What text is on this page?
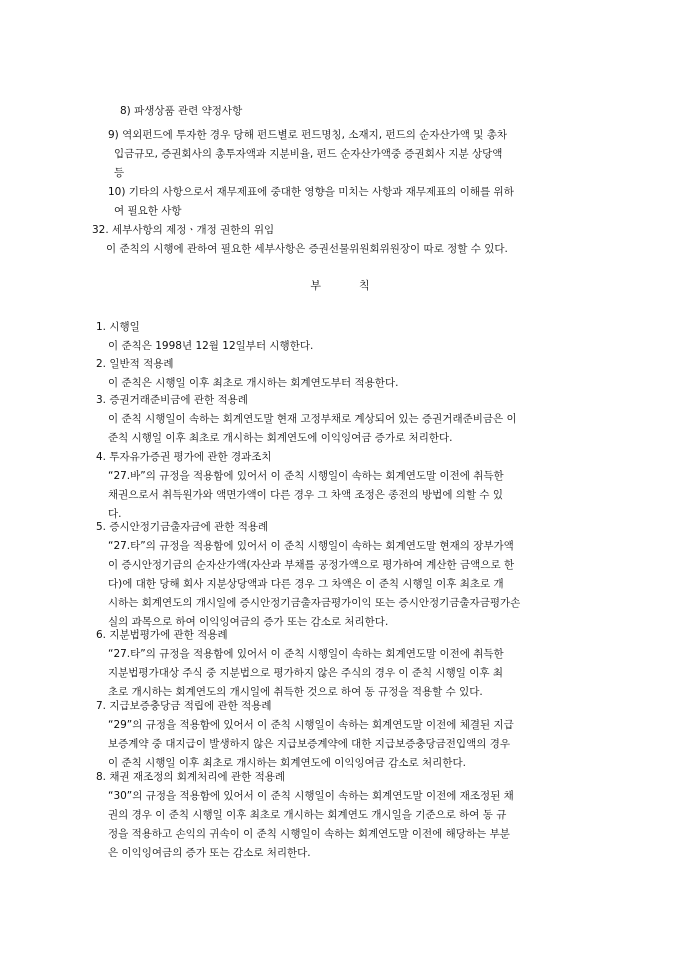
8) 파생상품 관련 약정사항
9) 역외펀드에 투자한 경우 당해 펀드별로 펀드명칭, 소재지, 펀드의 순자산가액 및 총차
입금규모, 증권회사의 총투자액과 지분비율, 펀드 순자산가액중 증권회사 지분 상당액
등
10) 기타의 사항으로서 재무제표에 중대한 영향을 미치는 사항과 재무제표의 이해를 위하
여 필요한 사항
32. 세부사항의 제정ㆍ개정 권한의 위임
이 준칙의 시행에 관하여 필요한 세부사항은 증권선물위원회위원장이 따로 정할 수 있다.
부	칙
1. 시행일
이 준칙은 1998년 12월 12일부터 시행한다.
2. 일반적 적용례
이 준칙은 시행일 이후 최초로 개시하는 회계연도부터 적용한다.
3. 증권거래준비금에 관한 적용례
이 준칙 시행일이 속하는 회계연도말 현재 고정부채로 계상되어 있는 증권거래준비금은 이
준칙 시행일 이후 최초로 개시하는 회계연도에 이익잉여금 증가로 처리한다.
4. 투자유가증권 평가에 관한 경과조치
“27.바”의 규정을 적용함에 있어서 이 준칙 시행일이 속하는 회계연도말 이전에 취득한
채권으로서 취득원가와 액면가액이 다른 경우 그 차액 조정은 종전의 방법에 의할 수 있
다.
5. 증시안정기금출자금에 관한 적용례
“27.타”의 규정을 적용함에 있어서 이 준칙 시행일이 속하는 회계연도말 현재의 장부가액
이 증시안정기금의 순자산가액(자산과 부채를 공정가액으로 평가하여 계산한 금액으로 한
다)에 대한 당해 회사 지분상당액과 다른 경우 그 차액은 이 준칙 시행일 이후 최초로 개
시하는 회계연도의 개시일에 증시안정기금출자금평가이익 또는 증시안정기금출자금평가손
실의 과목으로 하여 이익잉여금의 증가 또는 감소로 처리한다.
6. 지분법평가에 관한 적용례
“27.타”의 규정을 적용함에 있어서 이 준칙 시행일이 속하는 회계연도말 이전에 취득한
지분법평가대상 주식 중 지분법으로 평가하지 않은 주식의 경우 이 준칙 시행일 이후 최
초로 개시하는 회계연도의 개시일에 취득한 것으로 하여 동 규정을 적용할 수 있다.
7. 지급보증충당금 적립에 관한 적용례
“29”의 규정을 적용함에 있어서 이 준칙 시행일이 속하는 회계연도말 이전에 체결된 지급
보증계약 중 대지급이 발생하지 않은 지급보증계약에 대한 지급보증충당금전입액의 경우
이 준칙 시행일 이후 최초로 개시하는 회계연도에 이익잉여금 감소로 처리한다.
8. 채권 재조정의 회계처리에 관한 적용례
“30”의 규정을 적용함에 있어서 이 준칙 시행일이 속하는 회계연도말 이전에 재조정된 채
권의 경우 이 준칙 시행일 이후 최초로 개시하는 회계연도 개시일을 기준으로 하여 동 규
정을 적용하고 손익의 귀속이 이 준칙 시행일이 속하는 회계연도말 이전에 해당하는 부분
은 이익잉여금의 증가 또는 감소로 처리한다.
